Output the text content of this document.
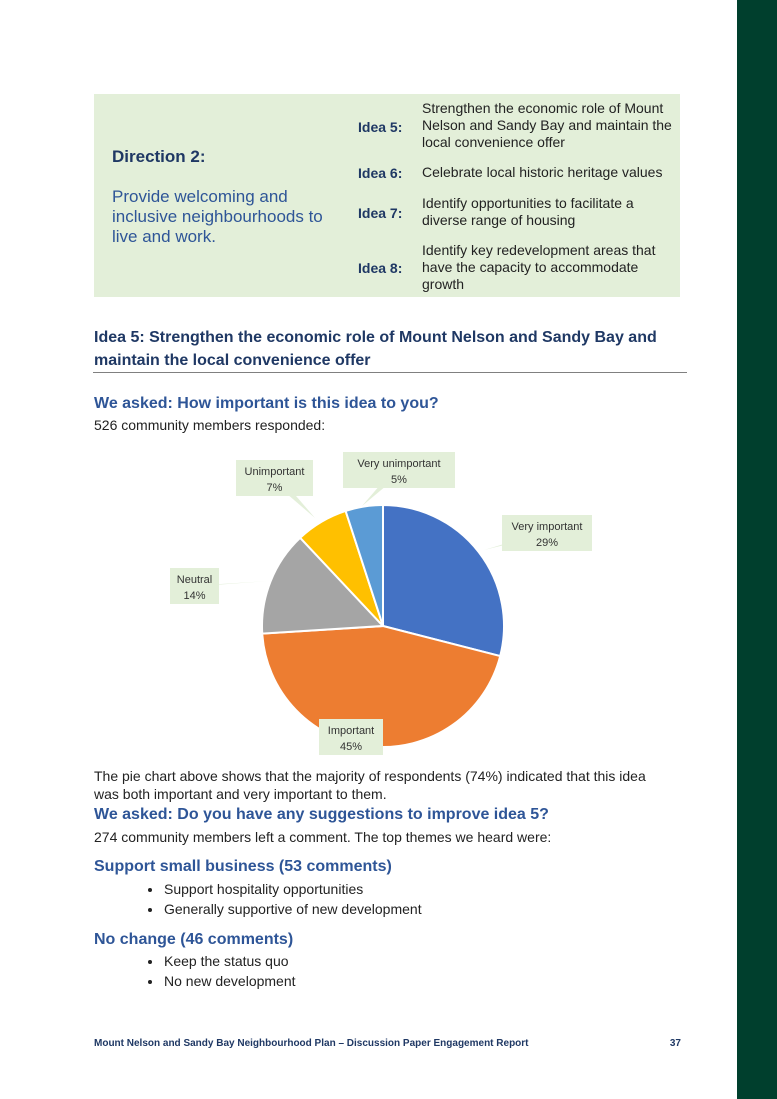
Direction 2:
Provide welcoming and inclusive neighbourhoods to live and work.
Idea 5:
Strengthen the economic role of Mount Nelson and Sandy Bay and maintain the local convenience offer
Idea 6: Celebrate local historic heritage values
Idea 7:
Identify opportunities to facilitate a diverse range of housing
Idea 8:
Identify key redevelopment areas that have the capacity to accommodate growth
Idea 5: Strengthen the economic role of Mount Nelson and Sandy Bay and maintain the local convenience offer
We asked: How important is this idea to you?
526 community members responded:
Very important
29%
Important
45%
Neutral
14%
Unimportant
7%
Very unimportant
5%
The pie chart above shows that the majority of respondents (74%) indicated that this idea was both important and very important to them.
We asked: Do you have any suggestions to improve idea 5?
274 community members left a comment. The top themes we heard were:
Support small business (53 comments)
• Support hospitality opportunities
• Generally supportive of new development
No change (46 comments)
• Keep the status quo
• No new development
Mount Nelson and Sandy Bay Neighbourhood Plan – Discussion Paper Engagement Report	37
